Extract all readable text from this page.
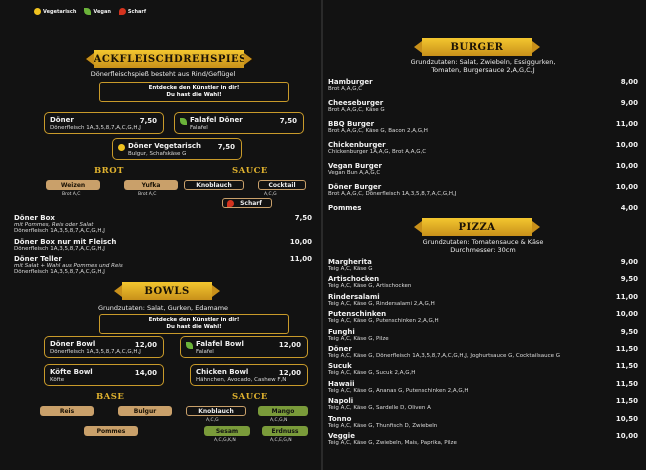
Vegetarisch	Vegan	Scharf
HACKFLEISCHDREHSPIESS
Dönerfleischspieß besteht aus Rind/Geflügel
Entdecke den Künstler in dir!
Du hast die Wahl!
Döner
Dönerfleisch 1A,3,5,8,7,A,C,G,H,J
7,50	Falafel Döner
Falafel
7,50
Döner Vegetarisch
Bulgur, Schafskäse G
7,50
BROT	SAUCE
Weizen	Yufka
Brot A,C	Brot A,C
Knoblauch	Cocktail
A,C,G
Scharf
Döner Box
mit Pommes, Reis oder Salat
Dönerfleisch 1A,3,5,8,7,A,C,G,H,J
7,50
Döner Box nur mit Fleisch
Dönerfleisch 1A,3,5,8,7,A,C,G,H,J
10,00
Döner Teller
mit Salat + Wahl aus Pommes und Reis
Dönerfleisch 1A,3,5,8,7,A,C,G,H,J
11,00
BOWLS
Grundzutaten: Salat, Gurken, Edamame
Entdecke den Künstler in dir!
Du hast die Wahl!
Döner Bowl
Dönerfleisch 1A,3,5,8,7,A,C,G,H,J
12,00	Falafel Bowl
Falafel
12,00
Köfte Bowl
Köfte
14,00	Chicken Bowl
Hähnchen, Avocado, Cashew F,N
12,00
BASE	SAUCE
Reis	Bulgur
Pommes
Knoblauch
A,C,G
Mango
A,C,G,N
Sesam
A,C,G,K,N
Erdnuss
A,C,E,G,N
BURGER
Grundzutaten: Salat, Zwiebeln, Essiggurken,
Tomaten, Burgersauce 2,A,G,C,J
Hamburger
Brot A,A,G,C
8,00
Cheeseburger
Brot A,A,G,C, Käse G
9,00
BBQ Burger
Brot A,A,G,C, Käse G, Bacon 2,A,G,H
11,00
Chickenburger
Chickenburger 1A,A,G, Brot A,A,G,C
10,00
Vegan Burger
Vegan Bun A,A,G,C
10,00
Döner Burger
Brot A,A,G,C, Dönerfleisch 1A,3,5,8,7,A,C,G,H,J
10,00
Pommes	4,00
PIZZA
Grundzutaten: Tomatensauce & Käse
Durchmesser: 30cm
Margherita
Teig A,C, Käse G
9,00
Artischocken
Teig A,C, Käse G, Artischocken
9,50
Rindersalami
Teig A,C, Käse G, Rindersalami 2,A,G,H
11,00
Putenschinken
Teig A,C, Käse G, Putenschinken 2,A,G,H
10,00
Funghi
Teig A,C, Käse G, Pilze
9,50
Döner
Teig A,C, Käse G, Dönerfleisch 1A,3,5,8,7,A,C,G,H,J, Joghurtsauce G, Cocktailsauce G
11,50
Sucuk
Teig A,C, Käse G, Sucuk 2,A,G,H
11,50
Hawaii
Teig A,C, Käse G, Ananas G, Putenschinken 2,A,G,H
11,50
Napoli
Teig A,C, Käse G, Sardelle D, Oliven A
11,50
Tonno
Teig A,C, Käse G, Thunfisch D, Zwiebeln
10,50
Veggie
Teig A,C, Käse G, Zwiebeln, Mais, Paprika, Pilze
10,00
